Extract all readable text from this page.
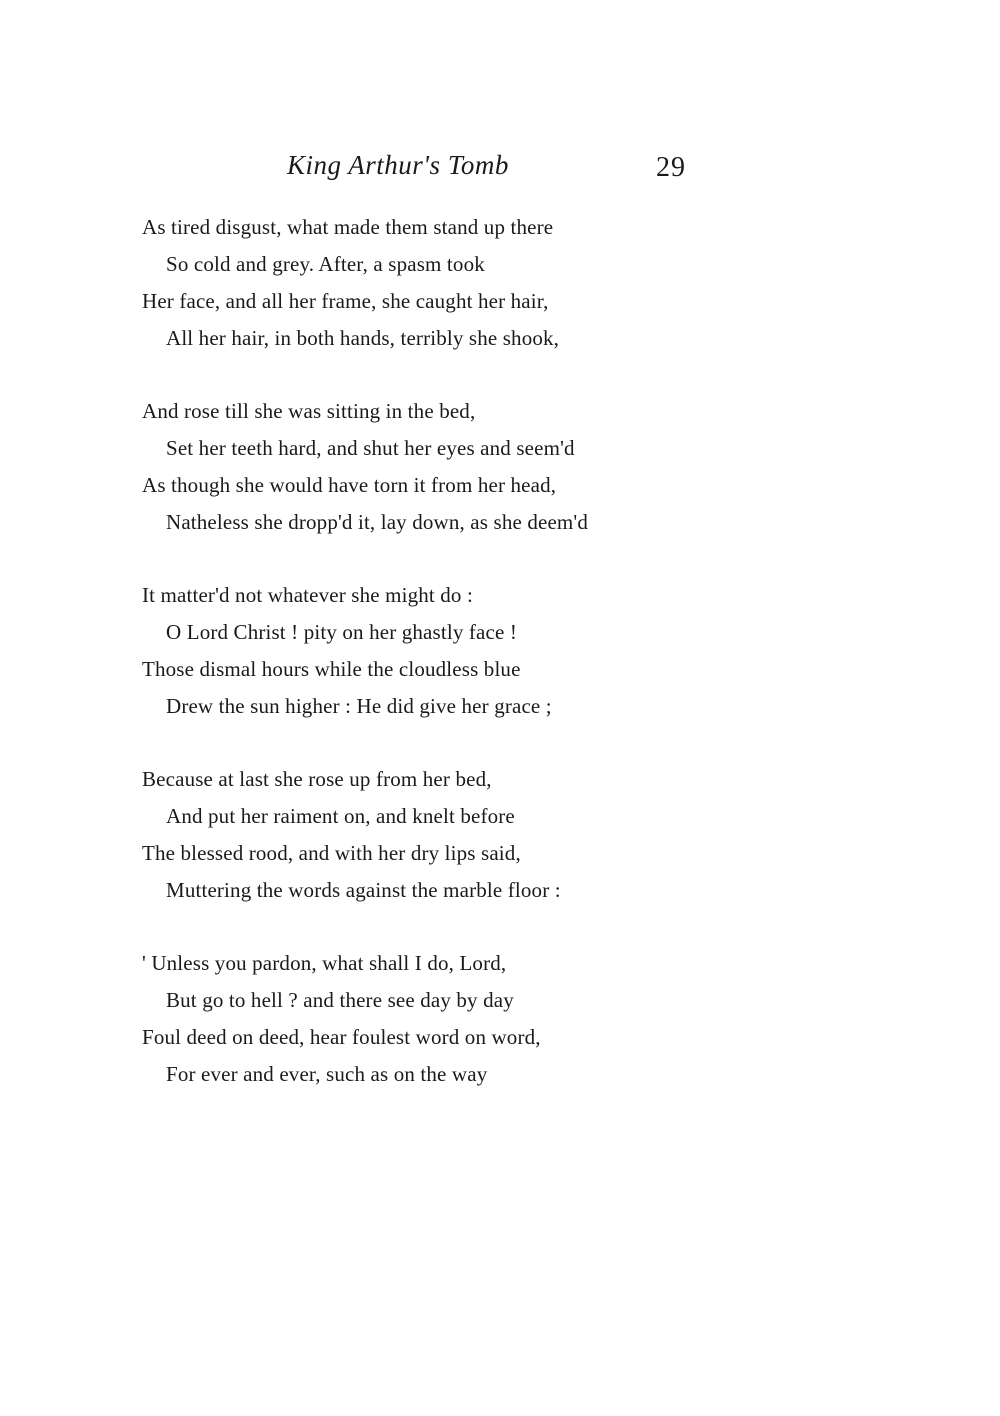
King Arthur's Tomb	29
As tired disgust, what made them stand up there
So cold and grey. After, a spasm took
Her face, and all her frame, she caught her hair,
All her hair, in both hands, terribly she shook,
And rose till she was sitting in the bed,
Set her teeth hard, and shut her eyes and seem'd
As though she would have torn it from her head,
Natheless she dropp'd it, lay down, as she deem'd
It matter'd not whatever she might do :
O Lord Christ ! pity on her ghastly face !
Those dismal hours while the cloudless blue
Drew the sun higher : He did give her grace ;
Because at last she rose up from her bed,
And put her raiment on, and knelt before
The blessed rood, and with her dry lips said,
Muttering the words against the marble floor :
' Unless you pardon, what shall I do, Lord,
But go to hell ? and there see day by day
Foul deed on deed, hear foulest word on word,
For ever and ever, such as on the way
